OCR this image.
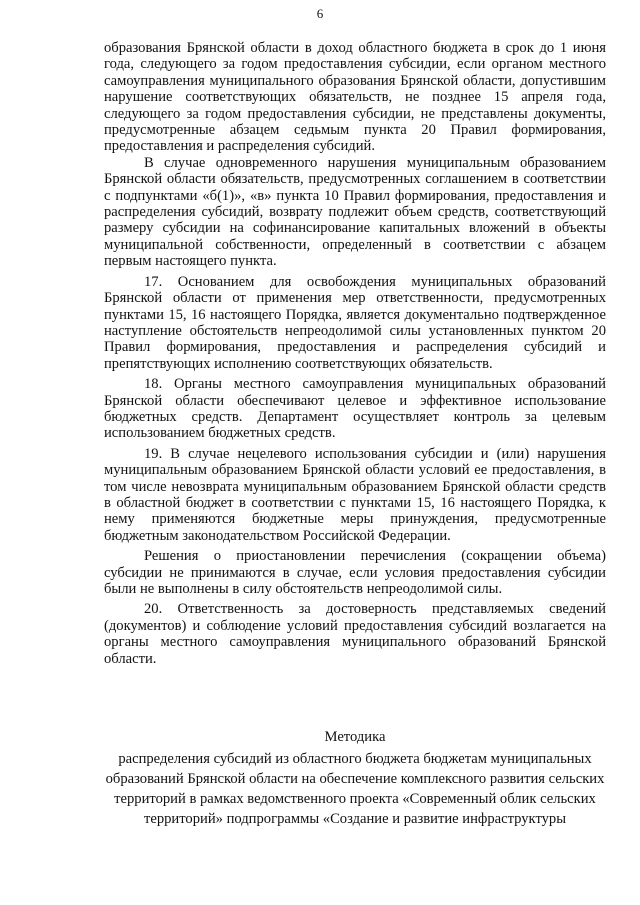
6

образования Брянской области в доход областного бюджета в срок до 1 июня года, следующего за годом предоставления субсидии, если органом местного самоуправления муниципального образования Брянской области, допустившим нарушение соответствующих обязательств, не позднее 15 апреля года, следующего за годом предоставления субсидии, не представлены документы, предусмотренные абзацем седьмым пункта 20 Правил формирования, предоставления и распределения субсидий.

В случае одновременного нарушения муниципальным образованием Брянской области обязательств, предусмотренных соглашением в соответствии с подпунктами «б(1)», «в» пункта 10 Правил формирования, предоставления и распределения субсидий, возврату подлежит объем средств, соответствующий размеру субсидии на софинансирование капитальных вложений в объекты муниципальной собственности, определенный в соответствии с абзацем первым настоящего пункта.

17. Основанием для освобождения муниципальных образований Брянской области от применения мер ответственности, предусмотренных пунктами 15, 16 настоящего Порядка, является документально подтвержденное наступление обстоятельств непреодолимой силы установленных пунктом 20 Правил формирования, предоставления и распределения субсидий и препятствующих исполнению соответствующих обязательств.

18. Органы местного самоуправления муниципальных образований Брянской области обеспечивают целевое и эффективное использование бюджетных средств. Департамент осуществляет контроль за целевым использованием бюджетных средств.

19. В случае нецелевого использования субсидии и (или) нарушения муниципальным образованием Брянской области условий ее предоставления, в том числе невозврата муниципальным образованием Брянской области средств в областной бюджет в соответствии с пунктами 15, 16 настоящего Порядка, к нему применяются бюджетные меры принуждения, предусмотренные бюджетным законодательством Российской Федерации.

Решения о приостановлении перечисления (сокращении объема) субсидии не принимаются в случае, если условия предоставления субсидии были не выполнены в силу обстоятельств непреодолимой силы.

20. Ответственность за достоверность представляемых сведений (документов) и соблюдение условий предоставления субсидий возлагается на органы местного самоуправления муниципального образований Брянской области.

Методика

распределения субсидий из областного бюджета бюджетам муниципальных образований Брянской области на обеспечение комплексного развития сельских территорий в рамках ведомственного проекта «Современный облик сельских территорий» подпрограммы «Создание и развитие инфраструктуры
